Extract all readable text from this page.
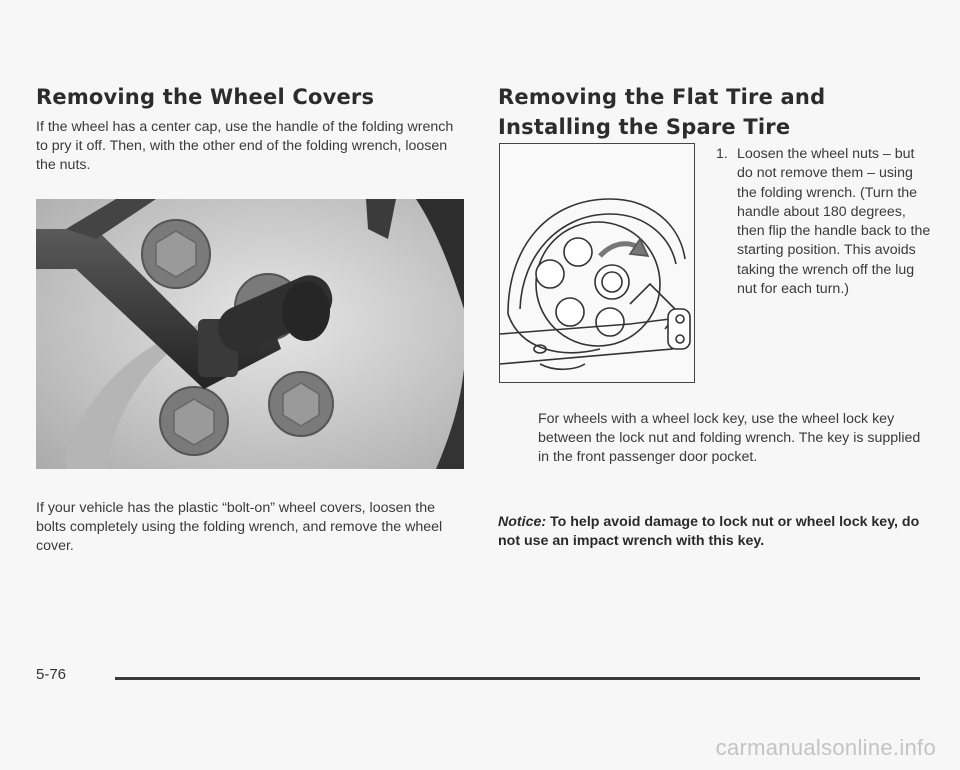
Removing the Wheel Covers

If the wheel has a center cap, use the handle of the folding wrench to pry it off. Then, with the other end of the folding wrench, loosen the nuts.

If your vehicle has the plastic “bolt-on” wheel covers, loosen the bolts completely using the folding wrench, and remove the wheel cover.

Removing the Flat Tire and Installing the Spare Tire
1. Loosen the wheel nuts – but do not remove them – using the folding wrench. (Turn the handle about 180 degrees, then flip the handle back to the starting position. This avoids taking the wrench off the lug nut for each turn.)

For wheels with a wheel lock key, use the wheel lock key between the lock nut and folding wrench. The key is supplied in the front passenger door pocket.

Notice: To help avoid damage to lock nut or wheel lock key, do not use an impact wrench with this key.

5-76
carmanualsonline.info
